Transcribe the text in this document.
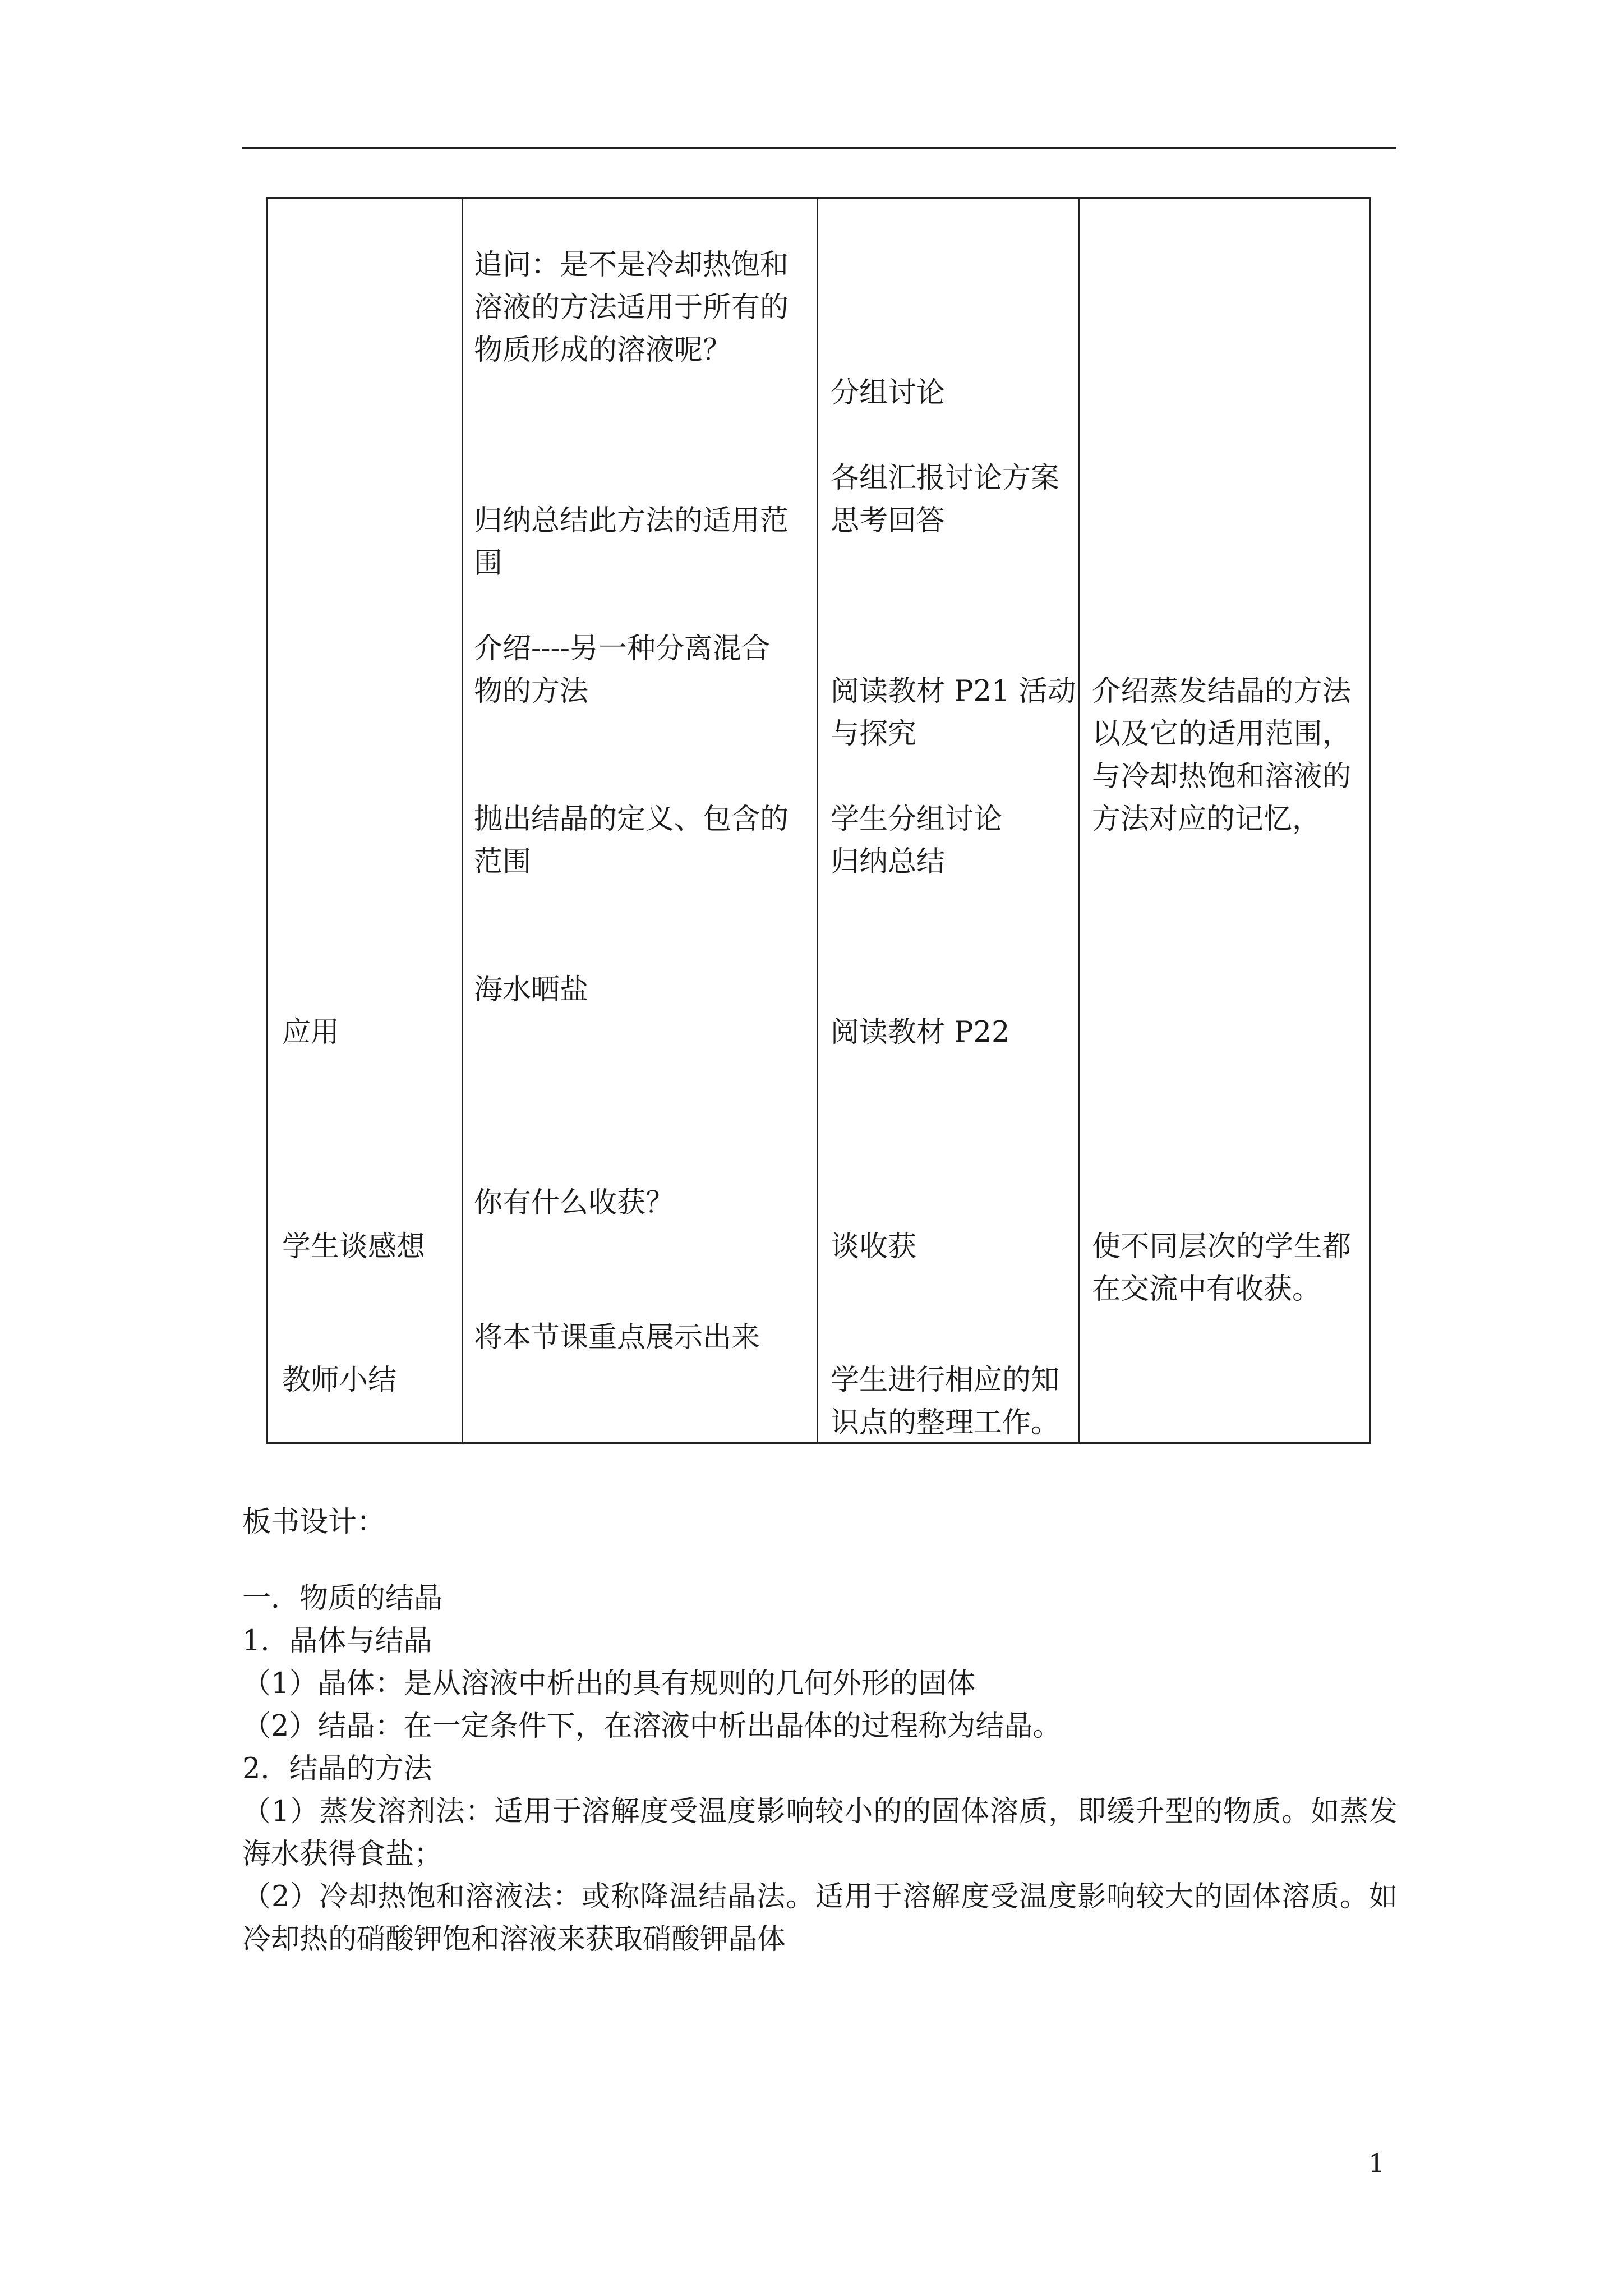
应用
学生谈感想
教师小结
追问：是不是冷却热饱和
溶液的方法适用于所有的
物质形成的溶液呢？
归纳总结此方法的适用范
围
介绍----另一种分离混合
物的方法
抛出结晶的定义、包含的
范围
海水晒盐
你有什么收获？
将本节课重点展示出来
分组讨论
各组汇报讨论方案
思考回答
阅读教材 P21 活动
与探究
学生分组讨论
归纳总结
阅读教材 P22
谈收获
学生进行相应的知
识点的整理工作。
介绍蒸发结晶的方法以及它的适用范围，与冷却热饱和溶液的方法对应的记忆，
使不同层次的学生都在交流中有收获。
板书设计：
一．物质的结晶
1．晶体与结晶
（1）晶体：是从溶液中析出的具有规则的几何外形的固体
（2）结晶：在一定条件下，在溶液中析出晶体的过程称为结晶。
2．结晶的方法
（1）蒸发溶剂法：适用于溶解度受温度影响较小的的固体溶质，即缓升型的物质。如蒸发海水获得食盐；
（2）冷却热饱和溶液法：或称降温结晶法。适用于溶解度受温度影响较大的固体溶质。如冷却热的硝酸钾饱和溶液来获取硝酸钾晶体
1
